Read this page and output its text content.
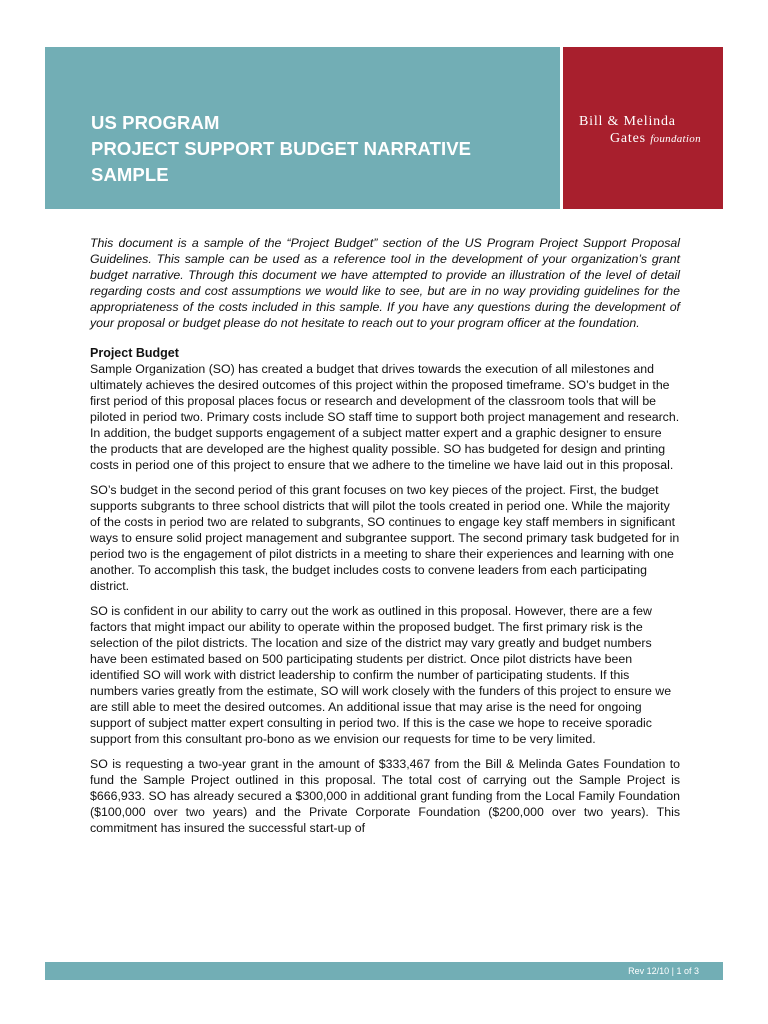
US PROGRAM
PROJECT SUPPORT BUDGET NARRATIVE
SAMPLE
Bill & Melinda
Gates foundation

This document is a sample of the “Project Budget” section of the US Program Project Support Proposal Guidelines. This sample can be used as a reference tool in the development of your organization’s grant budget narrative. Through this document we have attempted to provide an illustration of the level of detail regarding costs and cost assumptions we would like to see, but are in no way providing guidelines for the appropriateness of the costs included in this sample. If you have any questions during the development of your proposal or budget please do not hesitate to reach out to your program officer at the foundation.

Project Budget

Sample Organization (SO) has created a budget that drives towards the execution of all milestones and ultimately achieves the desired outcomes of this project within the proposed timeframe. SO’s budget in the first period of this proposal places focus or research and development of the classroom tools that will be piloted in period two. Primary costs include SO staff time to support both project management and research. In addition, the budget supports engagement of a subject matter expert and a graphic designer to ensure the products that are developed are the highest quality possible. SO has budgeted for design and printing costs in period one of this project to ensure that we adhere to the timeline we have laid out in this proposal.

SO’s budget in the second period of this grant focuses on two key pieces of the project. First, the budget supports subgrants to three school districts that will pilot the tools created in period one. While the majority of the costs in period two are related to subgrants, SO continues to engage key staff members in significant ways to ensure solid project management and subgrantee support. The second primary task budgeted for in period two is the engagement of pilot districts in a meeting to share their experiences and learning with one another. To accomplish this task, the budget includes costs to convene leaders from each participating district.

SO is confident in our ability to carry out the work as outlined in this proposal. However, there are a few factors that might impact our ability to operate within the proposed budget. The first primary risk is the selection of the pilot districts. The location and size of the district may vary greatly and budget numbers have been estimated based on 500 participating students per district. Once pilot districts have been identified SO will work with district leadership to confirm the number of participating students. If this numbers varies greatly from the estimate, SO will work closely with the funders of this project to ensure we are still able to meet the desired outcomes. An additional issue that may arise is the need for ongoing support of subject matter expert consulting in period two. If this is the case we hope to receive sporadic support from this consultant pro-bono as we envision our requests for time to be very limited.

SO is requesting a two-year grant in the amount of $333,467 from the Bill & Melinda Gates Foundation to fund the Sample Project outlined in this proposal. The total cost of carrying out the Sample Project is $666,933. SO has already secured a $300,000 in additional grant funding from the Local Family Foundation ($100,000 over two years) and the Private Corporate Foundation ($200,000 over two years). This commitment has insured the successful start-up of

Rev 12/10 | 1 of 3
